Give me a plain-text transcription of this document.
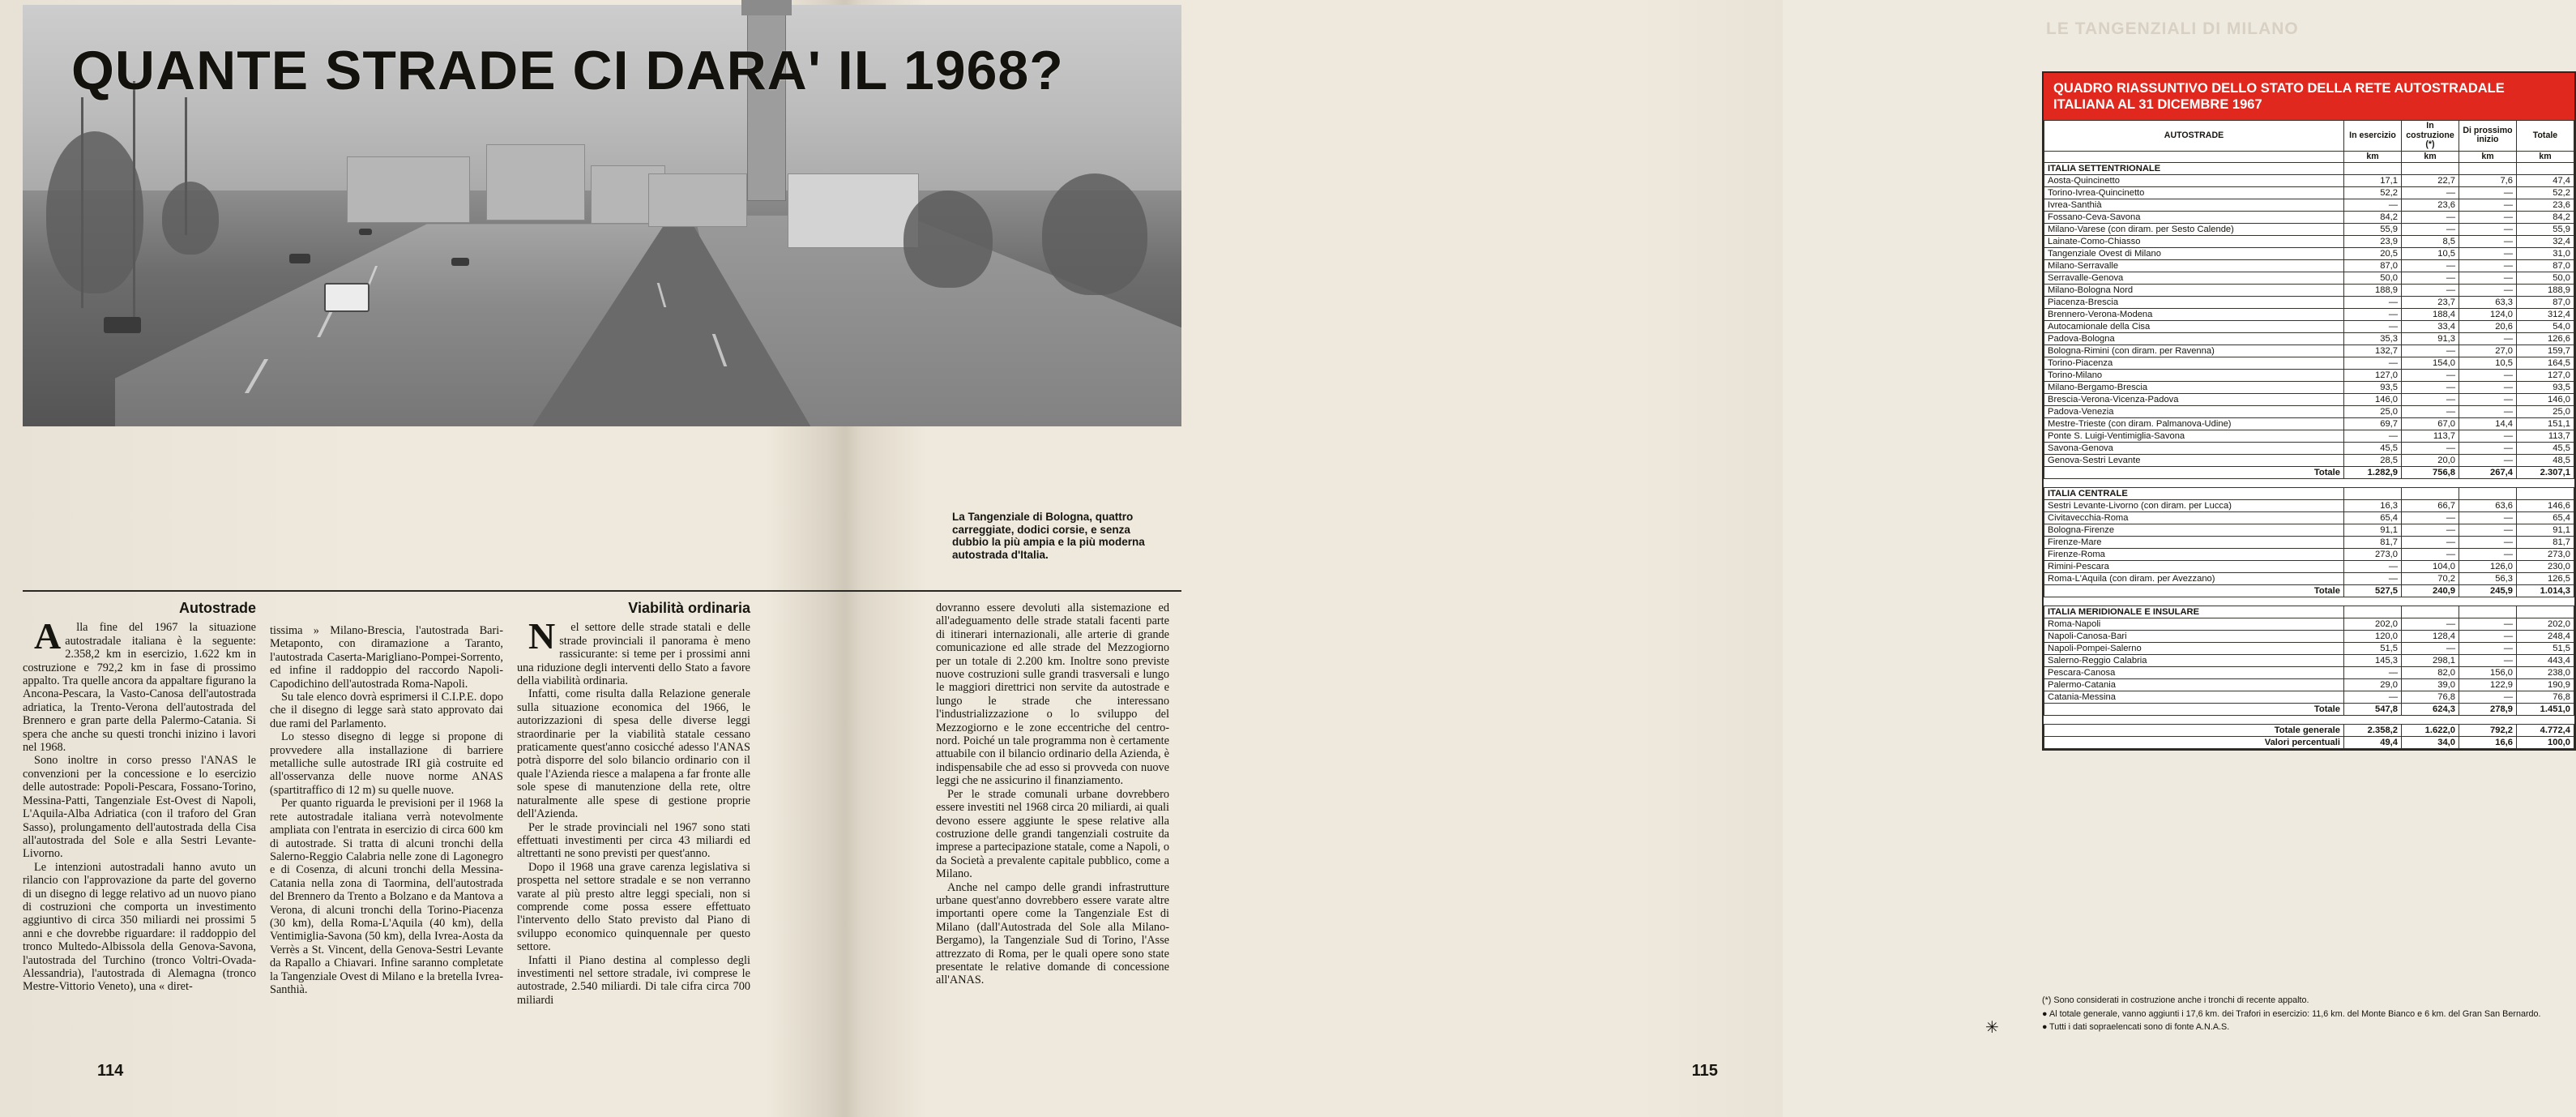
QUANTE STRADE CI DARA' IL 1968?
La Tangenziale di Bologna, quattro carreggiate, dodici corsie, e senza dubbio la più ampia e la più moderna autostrada d'Italia.
Autostrade

A	lla fine del 1967 la situazione autostradale italiana è la seguente: 2.358,2 km in esercizio, 1.622 km in costruzione e 792,2 km in fase di prossimo appalto. Tra quelle ancora da appaltare figurano la Ancona-Pescara, la Vasto-Canosa dell'autostrada adriatica, la Trento-Verona dell'autostrada del Brennero e gran parte della Palermo-Catania. Si spera che anche su questi tronchi inizino i lavori nel 1968.

Sono inoltre in corso presso l'ANAS le convenzioni per la concessione e lo esercizio delle autostrade: Popoli-Pescara, Fossano-Torino, Messina-Patti, Tangenziale Est-Ovest di Napoli, L'Aquila-Alba Adriatica (con il traforo del Gran Sasso), prolungamento dell'autostrada della Cisa all'autostrada del Sole e alla Sestri Levante-Livorno.

Le intenzioni autostradali hanno avuto un rilancio con l'approvazione da parte del governo di un disegno di legge relativo ad un nuovo piano di costruzioni che comporta un investimento aggiuntivo di circa 350 miliardi nei prossimi 5 anni e che dovrebbe riguardare: il raddoppio del tronco Multedo-Albissola della Genova-Savona, l'autostrada del Turchino (tronco Voltri-Ovada-Alessandria), l'autostrada di Alemagna (tronco Mestre-Vittorio Veneto), una « diret-

tissima » Milano-Brescia, l'autostrada Bari-Metaponto, con diramazione a Taranto, l'autostrada Caserta-Marigliano-Pompei-Sorrento, ed infine il raddoppio del raccordo Napoli-Capodichino dell'autostrada Roma-Napoli.

Su tale elenco dovrà esprimersi il C.I.P.E. dopo che il disegno di legge sarà stato approvato dai due rami del Parlamento.

Lo stesso disegno di legge si propone di provvedere alla installazione di barriere metalliche sulle autostrade IRI già costruite ed all'osservanza delle nuove norme ANAS (spartitraffico di 12 m) su quelle nuove.

Per quanto riguarda le previsioni per il 1968 la rete autostradale italiana verrà notevolmente ampliata con l'entrata in esercizio di circa 600 km di autostrade. Si tratta di alcuni tronchi della Salerno-Reggio Calabria nelle zone di Lagonegro e di Cosenza, di alcuni tronchi della Messina-Catania nella zona di Taormina, dell'autostrada del Brennero da Trento a Bolzano e da Mantova a Verona, di alcuni tronchi della Torino-Piacenza (30 km), della Roma-L'Aquila (40 km), della Ventimiglia-Savona (50 km), della Ivrea-Aosta da Verrès a St. Vincent, della Genova-Sestri Levante da Rapallo a Chiavari. Infine saranno completate la Tangenziale Ovest di Milano e la bretella Ivrea-Santhià.

Viabilità ordinaria

N	el settore delle strade statali e delle strade provinciali il panorama è meno rassicurante: si teme per i prossimi anni una riduzione degli interventi dello Stato a favore della viabilità ordinaria.

Infatti, come risulta dalla Relazione generale sulla situazione economica del 1966, le autorizzazioni di spesa delle diverse leggi straordinarie per la viabilità statale cessano praticamente quest'anno cosicché adesso l'ANAS potrà disporre del solo bilancio ordinario con il quale l'Azienda riesce a malapena a far fronte alle sole spese di manutenzione della rete, oltre naturalmente alle spese di gestione proprie dell'Azienda.

Per le strade provinciali nel 1967 sono stati effettuati investimenti per circa 43 miliardi ed altrettanti ne sono previsti per quest'anno.

Dopo il 1968 una grave carenza legislativa si prospetta nel settore stradale e se non verranno varate al più presto altre leggi speciali, non si comprende come possa essere effettuato l'intervento dello Stato previsto dal Piano di sviluppo economico quinquennale per questo settore.

Infatti il Piano destina al complesso degli investimenti nel settore stradale, ivi comprese le autostrade, 2.540 miliardi. Di tale cifra circa 700 miliardi

114

dovranno essere devoluti alla sistemazione ed all'adeguamento delle strade statali facenti parte di itinerari internazionali, alle arterie di grande comunicazione ed alle strade del Mezzogiorno per un totale di 2.200 km. Inoltre sono previste nuove costruzioni sulle grandi trasversali e lungo le maggiori direttrici non servite da autostrade e lungo le strade che interessano l'industrializzazione o lo sviluppo del Mezzogiorno e le zone eccentriche del centro-nord. Poiché un tale programma non è certamente attuabile con il bilancio ordinario della Azienda, è indispensabile che ad esso si provveda con nuove leggi che ne assicurino il finanziamento.

Per le strade comunali urbane dovrebbero essere investiti nel 1968 circa 20 miliardi, ai quali devono essere aggiunte le spese relative alla costruzione delle grandi tangenziali costruite da imprese a partecipazione statale, come a Napoli, o da Società a prevalente capitale pubblico, come a Milano.

Anche nel campo delle grandi infrastrutture urbane quest'anno dovrebbero essere varate altre importanti opere come la Tangenziale Est di Milano (dall'Autostrada del Sole alla Milano-Bergamo), la Tangenziale Sud di Torino, l'Asse attrezzato di Roma, per le quali opere sono state presentate le relative domande di concessione all'ANAS.

✳
LE TANGENZIALI DI MILANO
QUADRO RIASSUNTIVO DELLO STATO DELLA RETE AUTOSTRADALE ITALIANA AL 31 DICEMBRE 1967
AUTOSTRADE	In esercizio	In costruzione (*)	Di prossimo inizio	Totale
	km	km	km	km
ITALIA SETTENTRIONALE				
Aosta-Quincinetto	17,1	22,7	7,6	47,4
Torino-Ivrea-Quincinetto	52,2	—	—	52,2
Ivrea-Santhià	—	23,6	—	23,6
Fossano-Ceva-Savona	84,2	—	—	84,2
Milano-Varese (con diram. per Sesto Calende)	55,9	—	—	55,9
Lainate-Como-Chiasso	23,9	8,5	—	32,4
Tangenziale Ovest di Milano	20,5	10,5	—	31,0
Milano-Serravalle	87,0	—	—	87,0
Serravalle-Genova	50,0	—	—	50,0
Milano-Bologna Nord	188,9	—	—	188,9
Piacenza-Brescia	—	23,7	63,3	87,0
Brennero-Verona-Modena	—	188,4	124,0	312,4
Autocamionale della Cisa	—	33,4	20,6	54,0
Padova-Bologna	35,3	91,3	—	126,6
Bologna-Rimini (con diram. per Ravenna)	132,7	—	27,0	159,7
Torino-Piacenza	—	154,0	10,5	164,5
Torino-Milano	127,0	—	—	127,0
Milano-Bergamo-Brescia	93,5	—	—	93,5
Brescia-Verona-Vicenza-Padova	146,0	—	—	146,0
Padova-Venezia	25,0	—	—	25,0
Mestre-Trieste (con diram. Palmanova-Udine)	69,7	67,0	14,4	151,1
Ponte S. Luigi-Ventimiglia-Savona	—	113,7	—	113,7
Savona-Genova	45,5	—	—	45,5
Genova-Sestri Levante	28,5	20,0	—	48,5
Totale	1.282,9	756,8	267,4	2.307,1

ITALIA CENTRALE				
Sestri Levante-Livorno (con diram. per Lucca)	16,3	66,7	63,6	146,6
Civitavecchia-Roma	65,4	—	—	65,4
Bologna-Firenze	91,1	—	—	91,1
Firenze-Mare	81,7	—	—	81,7
Firenze-Roma	273,0	—	—	273,0
Rimini-Pescara	—	104,0	126,0	230,0
Roma-L'Aquila (con diram. per Avezzano)	—	70,2	56,3	126,5
Totale	527,5	240,9	245,9	1.014,3

ITALIA MERIDIONALE E INSULARE				
Roma-Napoli	202,0	—	—	202,0
Napoli-Canosa-Bari	120,0	128,4	—	248,4
Napoli-Pompei-Salerno	51,5	—	—	51,5
Salerno-Reggio Calabria	145,3	298,1	—	443,4
Pescara-Canosa	—	82,0	156,0	238,0
Palermo-Catania	29,0	39,0	122,9	190,9
Catania-Messina	—	76,8	—	76,8
Totale	547,8	624,3	278,9	1.451,0

Totale generale	2.358,2	1.622,0	792,2	4.772,4
Valori percentuali	49,4	34,0	16,6	100,0
(*) Sono considerati in costruzione anche i tronchi di recente appalto.
● Al totale generale, vanno aggiunti i 17,6 km. dei Trafori in esercizio: 11,6 km. del Monte Bianco e 6 km. del Gran San Bernardo.
● Tutti i dati sopraelencati sono di fonte A.N.A.S.
115
